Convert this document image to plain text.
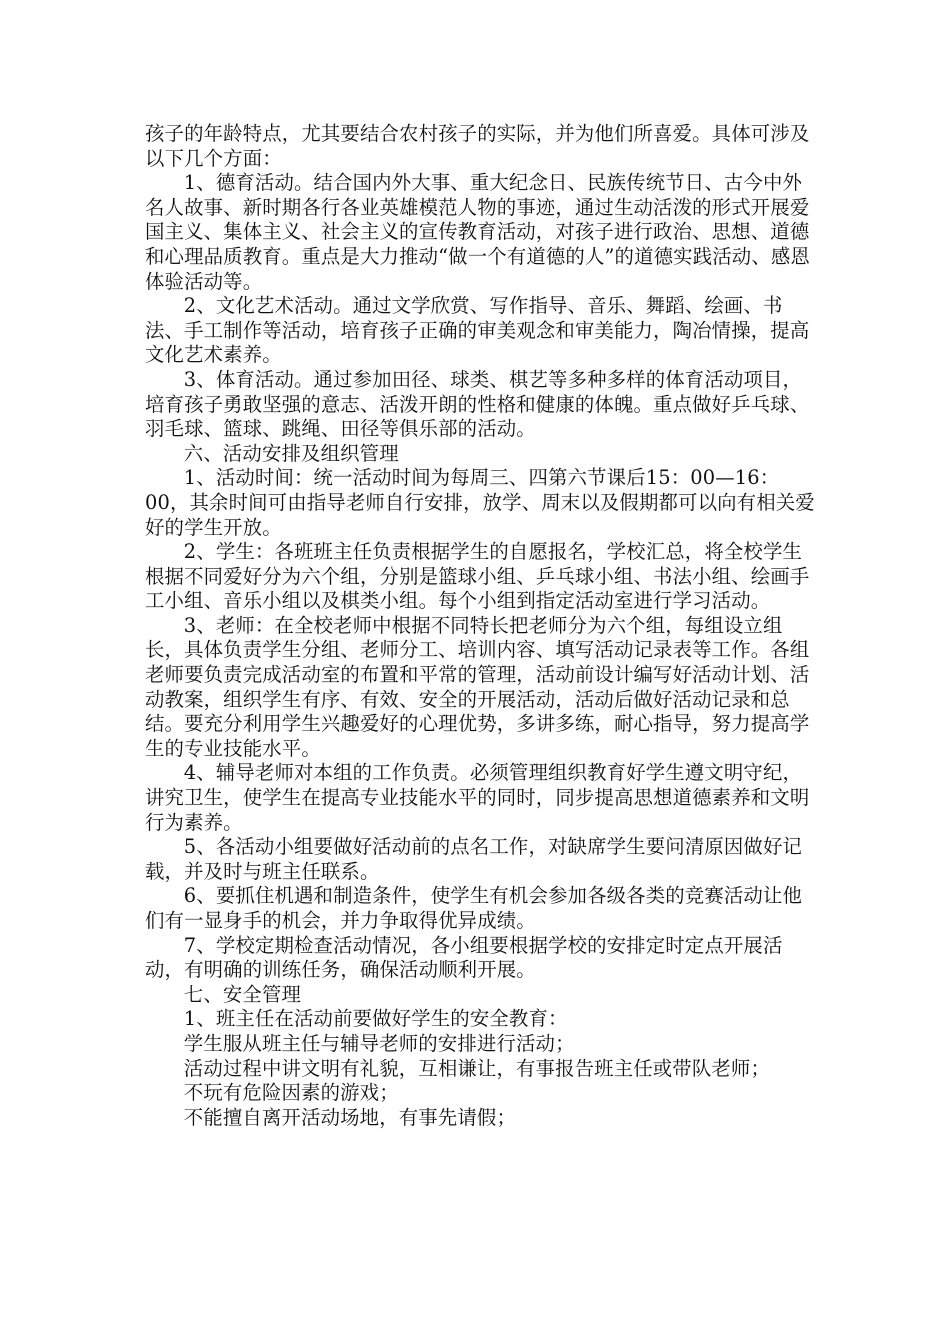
孩子的年龄特点，尤其要结合农村孩子的实际，并为他们所喜爱。具体可涉及以下几个方面：

1、德育活动。结合国内外大事、重大纪念日、民族传统节日、古今中外名人故事、新时期各行各业英雄模范人物的事迹，通过生动活泼的形式开展爱国主义、集体主义、社会主义的宣传教育活动，对孩子进行政治、思想、道德和心理品质教育。重点是大力推动“做一个有道德的人”的道德实践活动、感恩体验活动等。

2、文化艺术活动。通过文学欣赏、写作指导、音乐、舞蹈、绘画、书法、手工制作等活动，培育孩子正确的审美观念和审美能力，陶冶情操，提高文化艺术素养。

3、体育活动。通过参加田径、球类、棋艺等多种多样的体育活动项目，培育孩子勇敢坚强的意志、活泼开朗的性格和健康的体魄。重点做好乒乓球、羽毛球、篮球、跳绳、田径等俱乐部的活动。

六、活动安排及组织管理

1、活动时间：统一活动时间为每周三、四第六节课后15：00—16：00，其余时间可由指导老师自行安排，放学、周末以及假期都可以向有相关爱好的学生开放。

2、学生：各班班主任负责根据学生的自愿报名，学校汇总，将全校学生根据不同爱好分为六个组，分别是篮球小组、乒乓球小组、书法小组、绘画手工小组、音乐小组以及棋类小组。每个小组到指定活动室进行学习活动。

3、老师：在全校老师中根据不同特长把老师分为六个组，每组设立组长，具体负责学生分组、老师分工、培训内容、填写活动记录表等工作。各组老师要负责完成活动室的布置和平常的管理，活动前设计编写好活动计划、活动教案，组织学生有序、有效、安全的开展活动，活动后做好活动记录和总结。要充分利用学生兴趣爱好的心理优势，多讲多练，耐心指导，努力提高学生的专业技能水平。

4、辅导老师对本组的工作负责。必须管理组织教育好学生遵文明守纪，讲究卫生，使学生在提高专业技能水平的同时，同步提高思想道德素养和文明行为素养。

5、各活动小组要做好活动前的点名工作，对缺席学生要问清原因做好记载，并及时与班主任联系。

6、要抓住机遇和制造条件，使学生有机会参加各级各类的竞赛活动让他们有一显身手的机会，并力争取得优异成绩。

7、学校定期检查活动情况，各小组要根据学校的安排定时定点开展活动，有明确的训练任务，确保活动顺利开展。

七、安全管理

1、班主任在活动前要做好学生的安全教育：

学生服从班主任与辅导老师的安排进行活动；

活动过程中讲文明有礼貌，互相谦让，有事报告班主任或带队老师；

不玩有危险因素的游戏；

不能擅自离开活动场地，有事先请假；
